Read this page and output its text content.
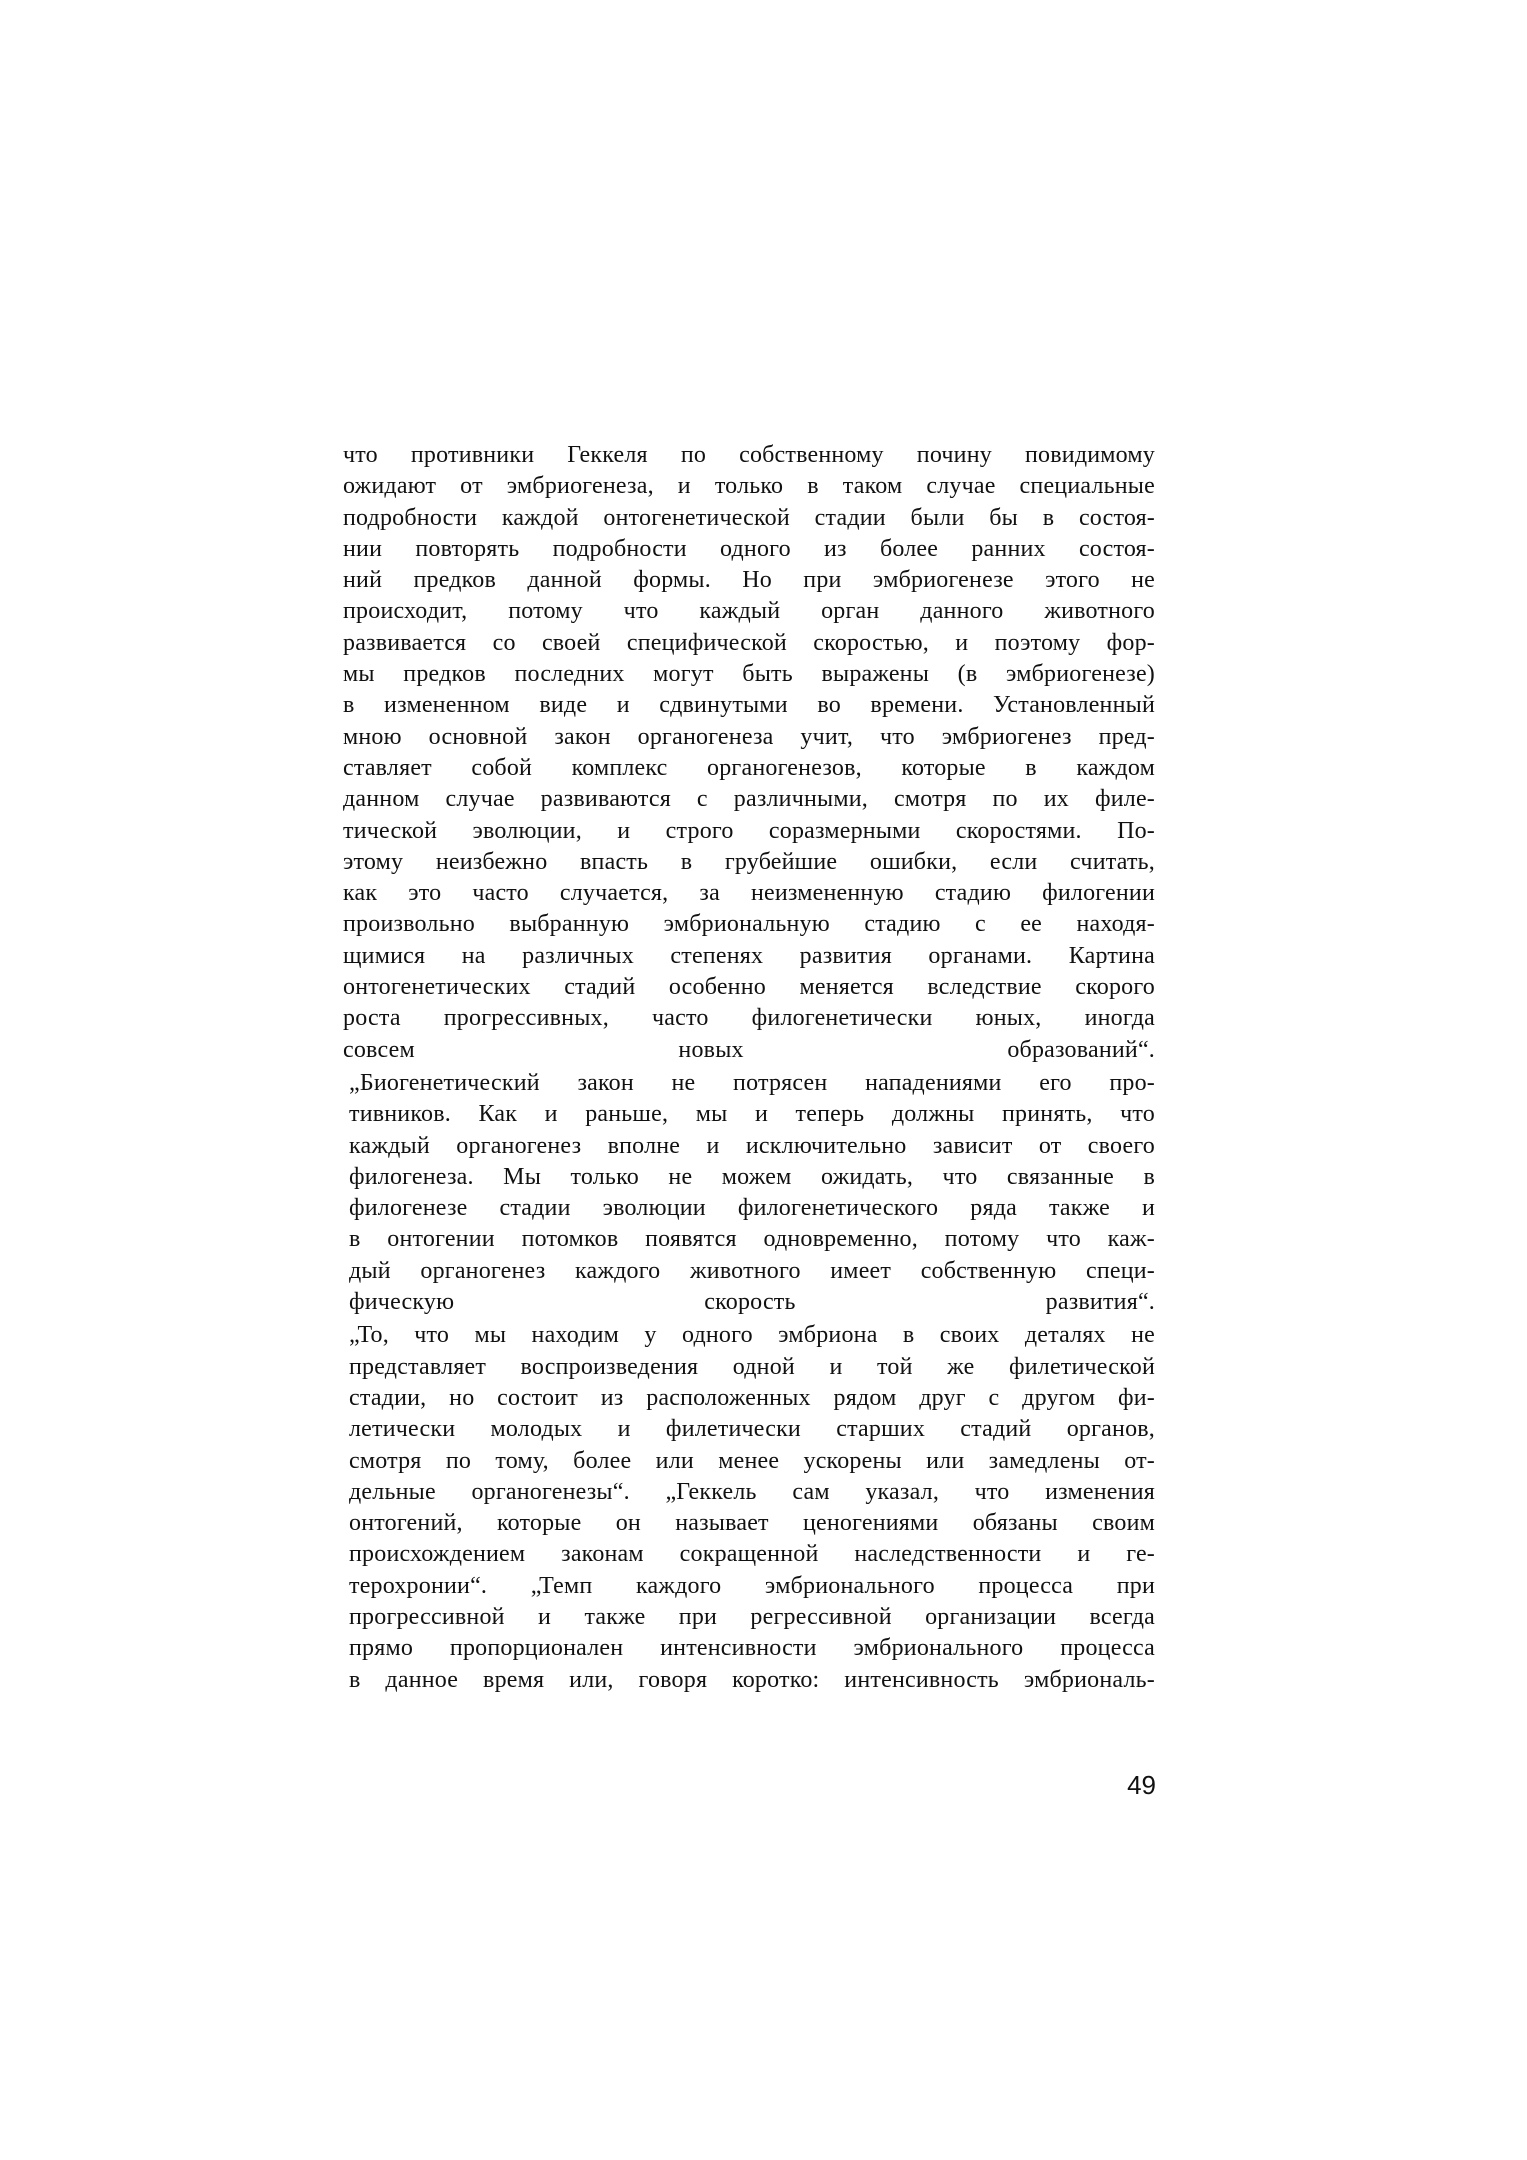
что противники Геккеля по собственному почину повидимому
ожидают от эмбриогенеза, и только в таком случае специальные
подробности каждой онтогенетической стадии были бы в состоя-
нии повторять подробности одного из более ранних состоя-
ний предков данной формы. Но при эмбриогенезе этого не
происходит, потому что каждый орган данного животного
развивается со своей специфической скоростью, и поэтому фор-
мы предков последних могут быть выражены (в эмбриогенезе)
в измененном виде и сдвинутыми во времени. Установленный
мною основной закон органогенеза учит, что эмбриогенез пред-
ставляет собой комплекс органогенезов, которые в каждом
данном случае развиваются с различными, смотря по их филе-
тической эволюции, и строго соразмерными скоростями. По-
этому неизбежно впасть в грубейшие ошибки, если считать,
как это часто случается, за неизмененную стадию филогении
произвольно выбранную эмбриональную стадию с ее находя-
щимися на различных степенях развития органами. Картина
онтогенетических стадий особенно меняется вследствие скорого
роста прогрессивных, часто филогенетически юных, иногда
совсем новых образований“.

„Биогенетический закон не потрясен нападениями его про-
тивников. Как и раньше, мы и теперь должны принять, что
каждый органогенез вполне и исключительно зависит от своего
филогенеза. Мы только не можем ожидать, что связанные в
филогенезе стадии эволюции филогенетического ряда также и
в онтогении потомков появятся одновременно, потому что каж-
дый органогенез каждого животного имеет собственную специ-
фическую скорость развития“.

„То, что мы находим у одного эмбриона в своих деталях не
представляет воспроизведения одной и той же филетической
стадии, но состоит из расположенных рядом друг с другом фи-
летически молодых и филетически старших стадий органов,
смотря по тому, более или менее ускорены или замедлены от-
дельные органогенезы“. „Геккель сам указал, что изменения
онтогений, которые он называет ценогениями обязаны своим
происхождением законам сокращенной наследственности и ге-
терохронии“. „Темп каждого эмбрионального процесса при
прогрессивной и также при регрессивной организации всегда
прямо пропорционален интенсивности эмбрионального процесса
в данное время или, говоря коротко: интенсивность эмбриональ-

49
